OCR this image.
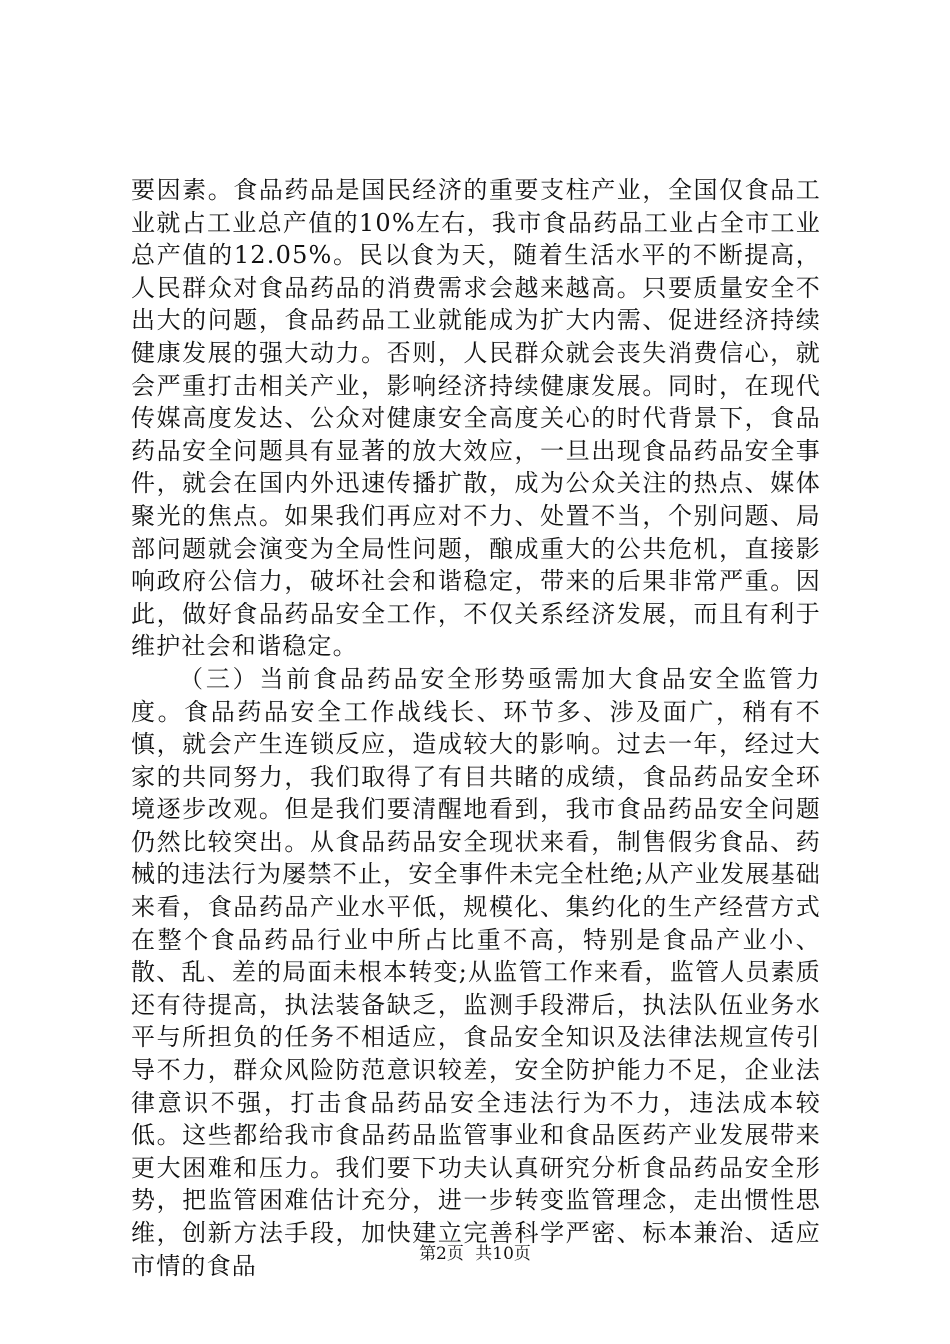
要因素。食品药品是国民经济的重要支柱产业，全国仅食品工业就占工业总产值的10%左右，我市食品药品工业占全市工业总产值的12.05%。民以食为天，随着生活水平的不断提高，人民群众对食品药品的消费需求会越来越高。只要质量安全不出大的问题，食品药品工业就能成为扩大内需、促进经济持续健康发展的强大动力。否则，人民群众就会丧失消费信心，就会严重打击相关产业，影响经济持续健康发展。同时，在现代传媒高度发达、公众对健康安全高度关心的时代背景下，食品药品安全问题具有显著的放大效应，一旦出现食品药品安全事件，就会在国内外迅速传播扩散，成为公众关注的热点、媒体聚光的焦点。如果我们再应对不力、处置不当，个别问题、局部问题就会演变为全局性问题，酿成重大的公共危机，直接影响政府公信力，破坏社会和谐稳定，带来的后果非常严重。因此，做好食品药品安全工作，不仅关系经济发展，而且有利于维护社会和谐稳定。

（三）当前食品药品安全形势亟需加大食品安全监管力度。食品药品安全工作战线长、环节多、涉及面广，稍有不慎，就会产生连锁反应，造成较大的影响。过去一年，经过大家的共同努力，我们取得了有目共睹的成绩，食品药品安全环境逐步改观。但是我们要清醒地看到，我市食品药品安全问题仍然比较突出。从食品药品安全现状来看，制售假劣食品、药械的违法行为屡禁不止，安全事件未完全杜绝;从产业发展基础来看，食品药品产业水平低，规模化、集约化的生产经营方式在整个食品药品行业中所占比重不高，特别是食品产业小、散、乱、差的局面未根本转变;从监管工作来看，监管人员素质还有待提高，执法装备缺乏，监测手段滞后，执法队伍业务水平与所担负的任务不相适应，食品安全知识及法律法规宣传引导不力，群众风险防范意识较差，安全防护能力不足，企业法律意识不强，打击食品药品安全违法行为不力，违法成本较低。这些都给我市食品药品监管事业和食品医药产业发展带来更大困难和压力。我们要下功夫认真研究分析食品药品安全形势，把监管困难估计充分，进一步转变监管理念，走出惯性思维，创新方法手段，加快建立完善科学严密、标本兼治、适应市情的食品	第2页 共10页
